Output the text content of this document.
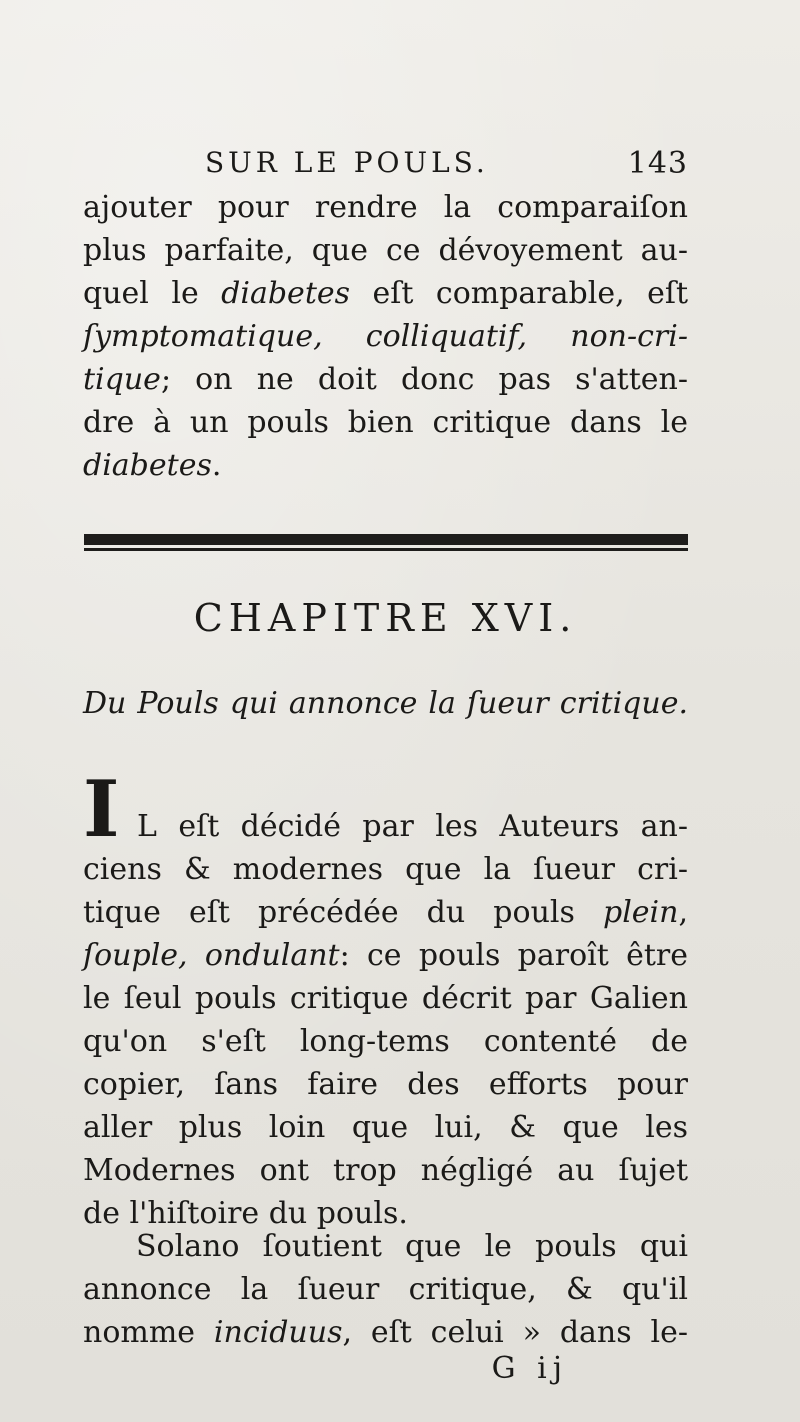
SUR LE POULS.	143

ajouter pour rendre la comparaiſon
plus parfaite, que ce dévoyement au-
quel le diabetes eſt comparable, eſt
ſymptomatique, colliquatif, non-cri-
tique; on ne doit donc pas s'atten-
dre à un pouls bien critique dans le
diabetes.

CHAPITRE XVI.
Du Pouls qui annonce la ſueur critique.
I L eſt décidé par les Auteurs an-
ciens & modernes que la ſueur cri-
tique eſt précédée du pouls plein,
ſouple, ondulant: ce pouls paroît être
le ſeul pouls critique décrit par Galien
qu'on s'eſt long-tems contenté de
copier, ſans faire des efforts pour
aller plus loin que lui, & que les
Modernes ont trop négligé au ſujet
de l'hiſtoire du pouls.

Solano ſoutient que le pouls qui
annonce la ſueur critique, & qu'il
nomme inciduus, eſt celui » dans le-

G ij
